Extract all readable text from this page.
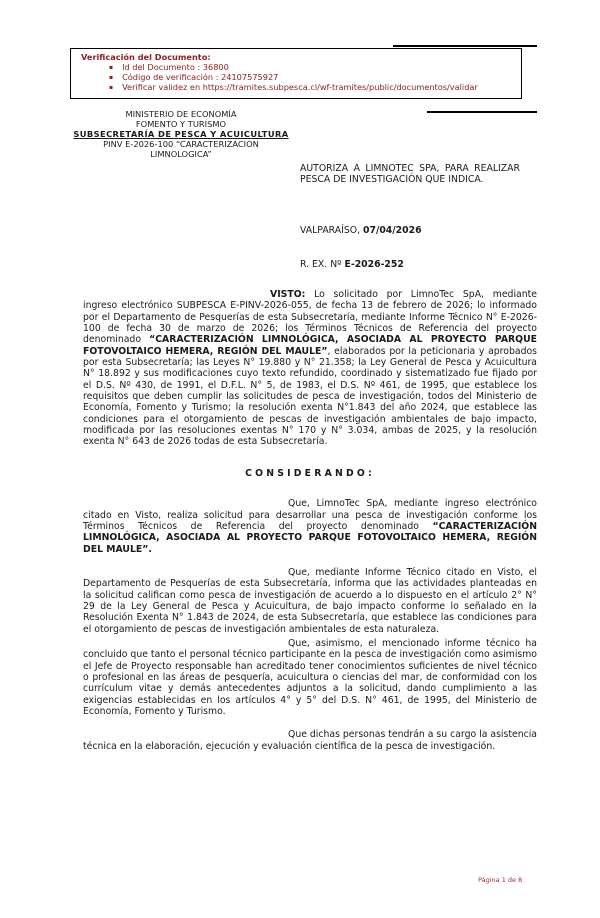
Verificación del Documento:
▪ Id del Documento : 36800
▪ Código de verificación : 24107575927
▪ Verificar validez en https://tramites.subpesca.cl/wf-tramites/public/documentos/validar
MINISTERIO DE ECONOMÍA
FOMENTO Y TURISMO
SUBSECRETARÍA DE PESCA Y ACUICULTURA
PINV E-2026-100 “CARACTERIZACION
LIMNOLOGICA”
AUTORIZA A LIMNOTEC SPA, PARA REALIZAR PESCA DE INVESTIGACIÓN QUE INDICA.
VALPARAÍSO, 07/04/2026
R. EX. Nº E-2026-252

VISTO: Lo solicitado por LimnoTec SpA, mediante ingreso electrónico SUBPESCA E-PINV-2026-055, de fecha 13 de febrero de 2026; lo informado por el Departamento de Pesquerías de esta Subsecretaría, mediante Informe Técnico N° E-2026-100 de fecha 30 de marzo de 2026; los Términos Técnicos de Referencia del proyecto denominado “CARACTERIZACIÓN LIMNOLÓGICA, ASOCIADA AL PROYECTO PARQUE FOTOVOLTAICO HEMERA, REGIÓN DEL MAULE”, elaborados por la peticionaria y aprobados por esta Subsecretaría; las Leyes N° 19.880 y N° 21.358; la Ley General de Pesca y Acuicultura N° 18.892 y sus modificaciones cuyo texto refundido, coordinado y sistematizado fue fijado por el D.S. Nº 430, de 1991, el D.F.L. N° 5, de 1983, el D.S. Nº 461, de 1995, que establece los requisitos que deben cumplir las solicitudes de pesca de investigación, todos del Ministerio de Economía, Fomento y Turismo; la resolución exenta N°1.843 del año 2024, que establece las condiciones para el otorgamiento de pescas de investigación ambientales de bajo impacto, modificada por las resoluciones exentas N° 170 y N° 3.034, ambas de 2025, y la resolución exenta N° 643 de 2026 todas de esta Subsecretaría.

CONSIDERANDO:

Que, LimnoTec SpA, mediante ingreso electrónico citado en Visto, realiza solicitud para desarrollar una pesca de investigación conforme los Términos Técnicos de Referencia del proyecto denominado “CARACTERIZACIÓN LIMNOLÓGICA, ASOCIADA AL PROYECTO PARQUE FOTOVOLTAICO HEMERA, REGIÓN DEL MAULE”.

Que, mediante Informe Técnico citado en Visto, el Departamento de Pesquerías de esta Subsecretaría, informa que las actividades planteadas en la solicitud califican como pesca de investigación de acuerdo a lo dispuesto en el artículo 2° N° 29 de la Ley General de Pesca y Acuicultura, de bajo impacto conforme lo señalado en la Resolución Exenta N° 1.843 de 2024, de esta Subsecretaría, que establece las condiciones para el otorgamiento de pescas de investigación ambientales de esta naturaleza.

Que, asimismo, el mencionado informe técnico ha concluido que tanto el personal técnico participante en la pesca de investigación como asimismo el Jefe de Proyecto responsable han acreditado tener conocimientos suficientes de nivel técnico o profesional en las áreas de pesquería, acuicultura o ciencias del mar, de conformidad con los currículum vitae y demás antecedentes adjuntos a la solicitud, dando cumplimiento a las exigencias establecidas en los artículos 4° y 5° del D.S. N° 461, de 1995, del Ministerio de Economía, Fomento y Turismo.

Que dichas personas tendrán a su cargo la asistencia técnica en la elaboración, ejecución y evaluación científica de la pesca de investigación.

Página 1 de 8
